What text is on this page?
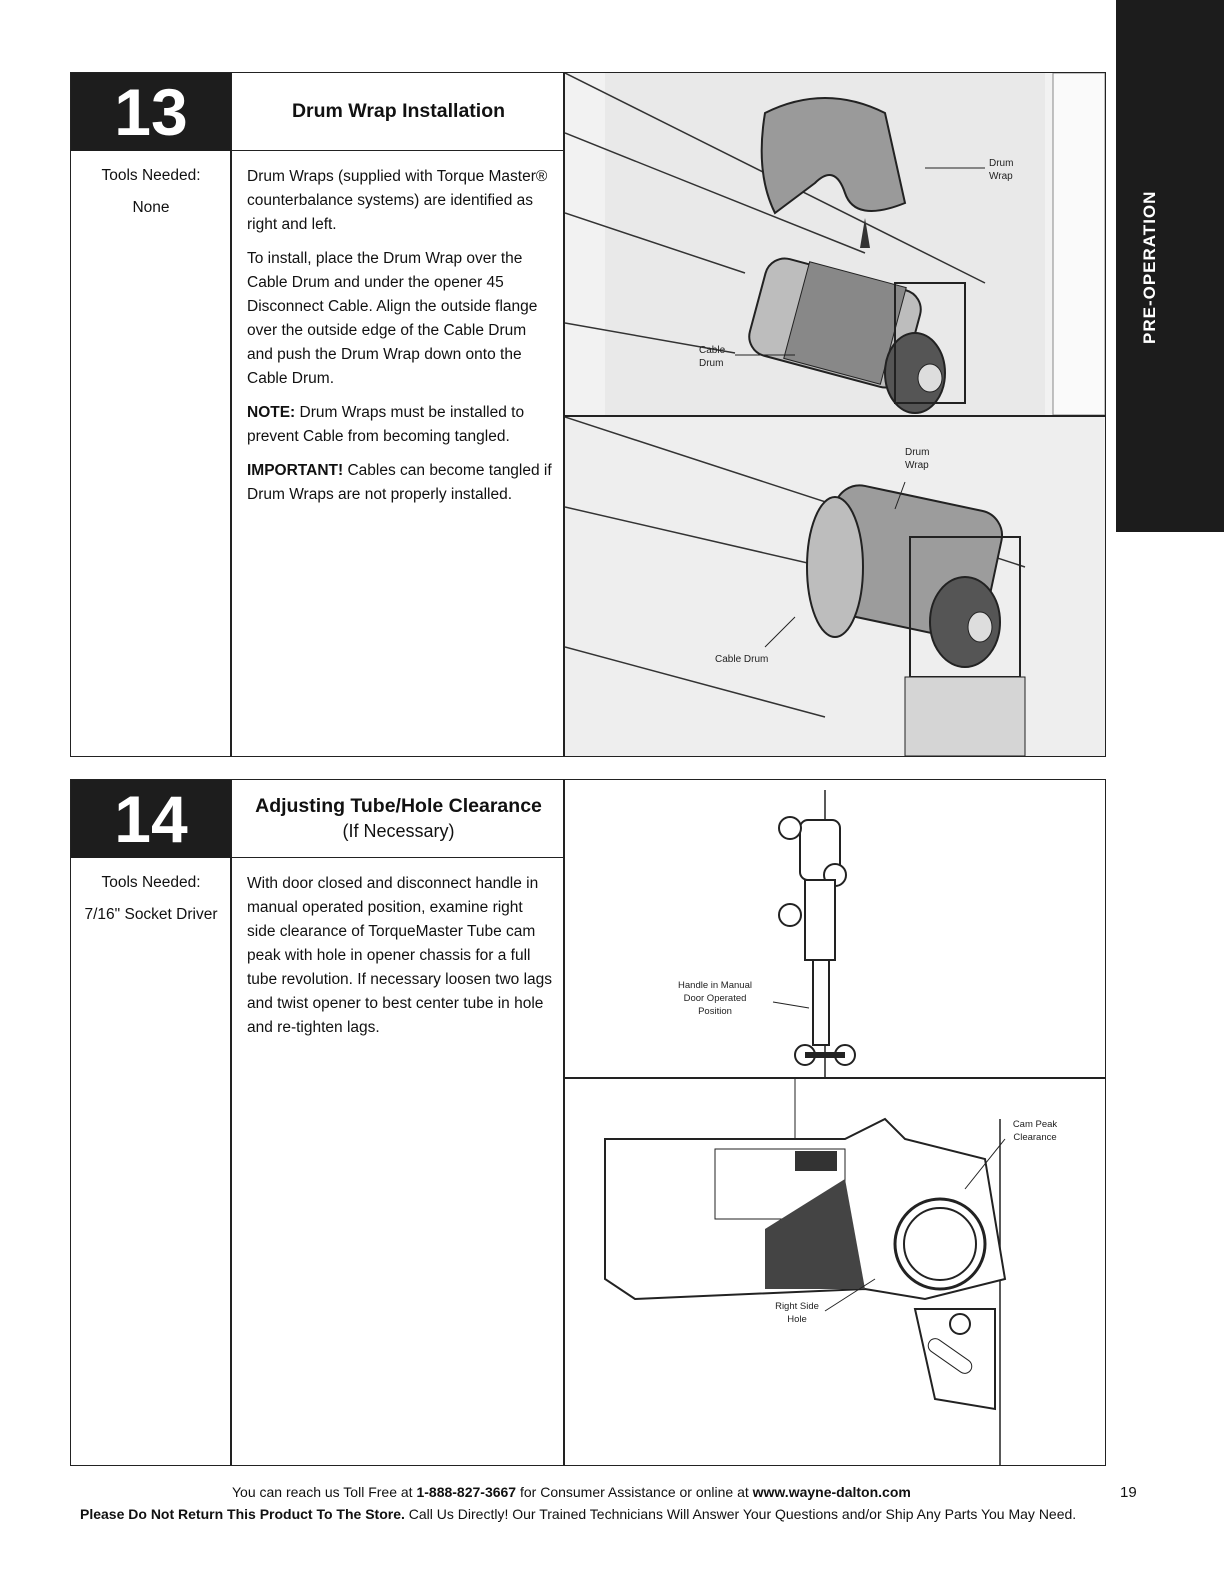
PRE-OPERATION
13	Drum Wrap Installation

Tools Needed:

None

Drum Wraps (supplied with Torque Master® counterbalance systems) are identified as right and left.

To install, place the Drum Wrap over the Cable Drum and under the opener 45 Disconnect Cable. Align the outside flange over the outside edge of the Cable Drum and push the Drum Wrap down onto the Cable Drum.

NOTE: Drum Wraps must be installed to prevent Cable from becoming tangled.

IMPORTANT! Cables can become tangled if Drum Wraps are not properly installed.

Drum
Wrap
Cable
Drum
Drum
Wrap
Cable Drum
14	Adjusting Tube/Hole Clearance
(If Necessary)

Tools Needed:

7/16" Socket Driver

With door closed and disconnect handle in manual operated position, examine right side clearance of TorqueMaster Tube cam peak with hole in opener chassis for a full tube revolution. If necessary loosen two lags and twist opener to best center tube in hole and re-tighten lags.

Handle in Manual
Door Operated
Position
Cam Peak
Clearance
Right Side
Hole
You can reach us Toll Free at 1-888-827-3667 for Consumer Assistance or online at www.wayne-dalton.com
Please Do Not Return This Product To The Store. Call Us Directly! Our Trained Technicians Will Answer Your Questions and/or Ship Any Parts You May Need.
19
